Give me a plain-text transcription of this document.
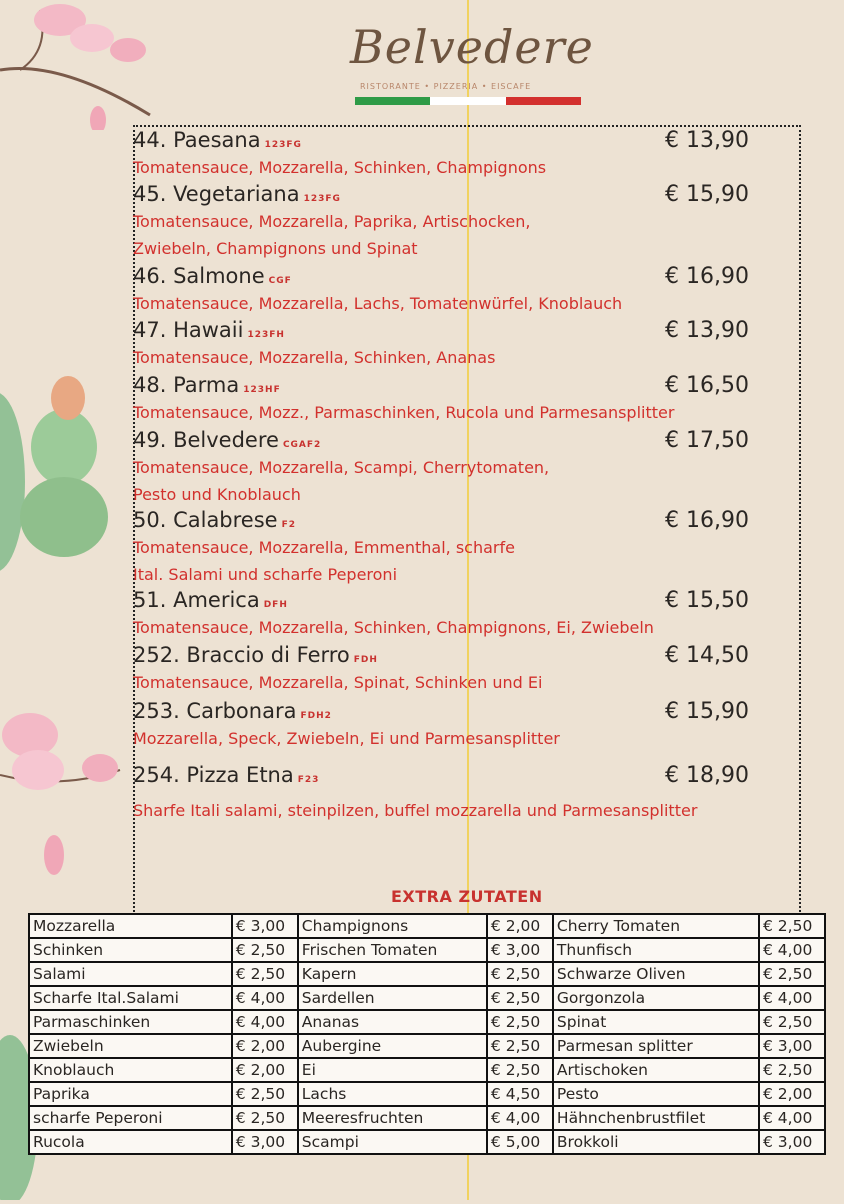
Belvedere
RISTORANTE • PIZZERIA • EISCAFE
44. Paesana 123FG	€ 13,90
Tomatensauce, Mozzarella, Schinken, Champignons
45. Vegetariana 123FG	€ 15,90
Tomatensauce, Mozzarella, Paprika, Artischocken,
Zwiebeln, Champignons und Spinat
46. Salmone CGF	€ 16,90
Tomatensauce, Mozzarella, Lachs, Tomatenwürfel, Knoblauch
47. Hawaii 123FH	€ 13,90
Tomatensauce, Mozzarella, Schinken, Ananas
48. Parma 123HF	€ 16,50
Tomatensauce, Mozz., Parmaschinken, Rucola und Parmesansplitter
49. Belvedere CGAF2	€ 17,50
Tomatensauce, Mozzarella, Scampi, Cherrytomaten,
Pesto und Knoblauch
50. Calabrese F2	€ 16,90
Tomatensauce, Mozzarella, Emmenthal, scharfe
Ital. Salami und scharfe Peperoni
51. America DFH	€ 15,50
Tomatensauce, Mozzarella, Schinken, Champignons, Ei, Zwiebeln
252. Braccio di Ferro FDH	€ 14,50
Tomatensauce, Mozzarella, Spinat, Schinken und Ei
253. Carbonara FDH2	€ 15,90
Mozzarella, Speck, Zwiebeln, Ei und Parmesansplitter
254. Pizza Etna F23	€ 18,90
Sharfe Itali salami, steinpilzen, buffel mozzarella und Parmesansplitter
EXTRA ZUTATEN
Mozzarella	€ 3,00	Champignons	€ 2,00	Cherry Tomaten	€ 2,50
Schinken	€ 2,50	Frischen Tomaten	€ 3,00	Thunfisch	€ 4,00
Salami	€ 2,50	Kapern	€ 2,50	Schwarze Oliven	€ 2,50
Scharfe Ital.Salami	€ 4,00	Sardellen	€ 2,50	Gorgonzola	€ 4,00
Parmaschinken	€ 4,00	Ananas	€ 2,50	Spinat	€ 2,50
Zwiebeln	€ 2,00	Aubergine	€ 2,50	Parmesan splitter	€ 3,00
Knoblauch	€ 2,00	Ei	€ 2,50	Artischoken	€ 2,50
Paprika	€ 2,50	Lachs	€ 4,50	Pesto	€ 2,00
scharfe Peperoni	€ 2,50	Meeresfruchten	€ 4,00	Hähnchenbrustfilet	€ 4,00
Rucola	€ 3,00	Scampi	€ 5,00	Brokkoli	€ 3,00
